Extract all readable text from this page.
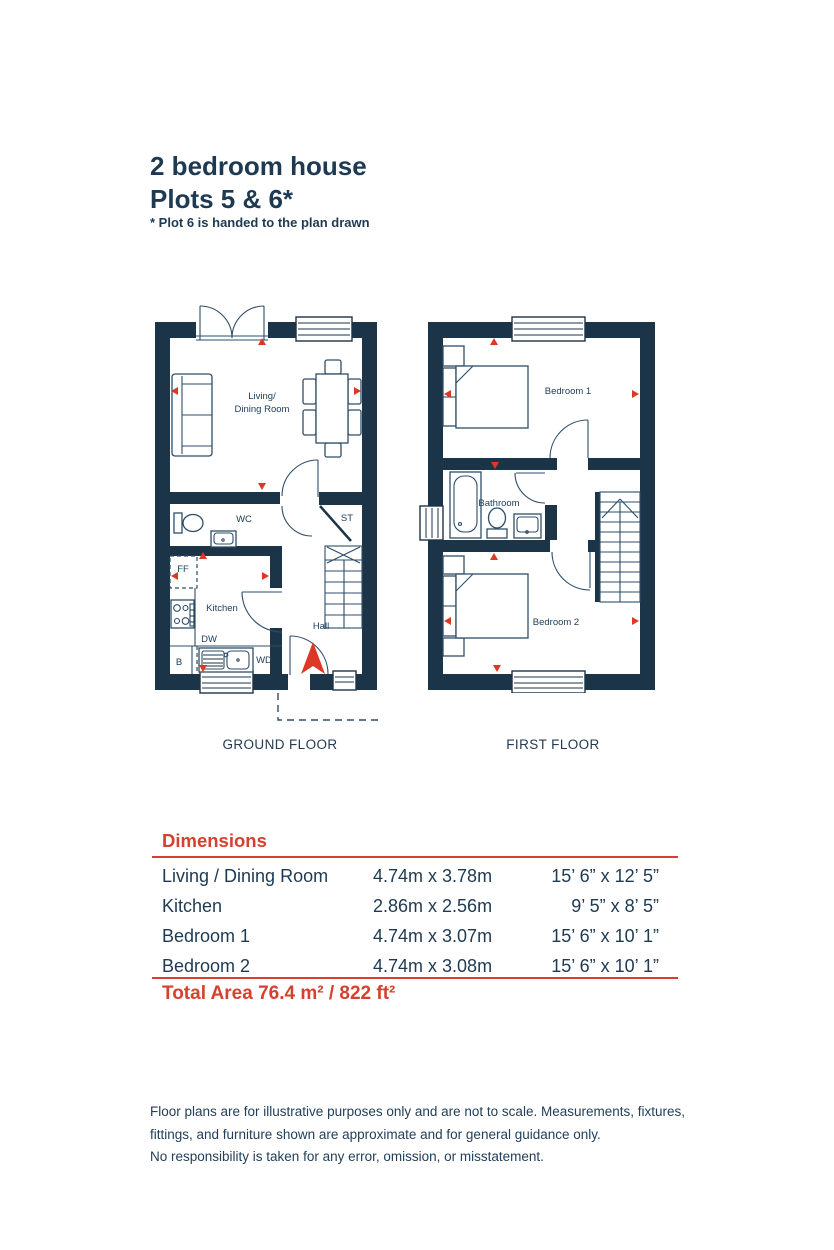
2 bedroom house
Plots 5 & 6*
* Plot 6 is handed to the plan drawn
Living/
Dining Room
WC	ST
FF
Kitchen
DW
B	WD
Hall
Bedroom 1
Bathroom
Bedroom 2
GROUND FLOOR	FIRST FLOOR
Dimensions
Living / Dining Room 4.74m x 3.78m	15’ 6” x 12’ 5”
Kitchen	2.86m x 2.56m	9’ 5” x 8’ 5”
Bedroom 1	4.74m x 3.07m	15’ 6” x 10’ 1”
Bedroom 2	4.74m x 3.08m	15’ 6” x 10’ 1”
Total Area 76.4 m² / 822 ft²
Floor plans are for illustrative purposes only and are not to scale. Measurements, fixtures,
fittings, and furniture shown are approximate and for general guidance only.
No responsibility is taken for any error, omission, or misstatement.
